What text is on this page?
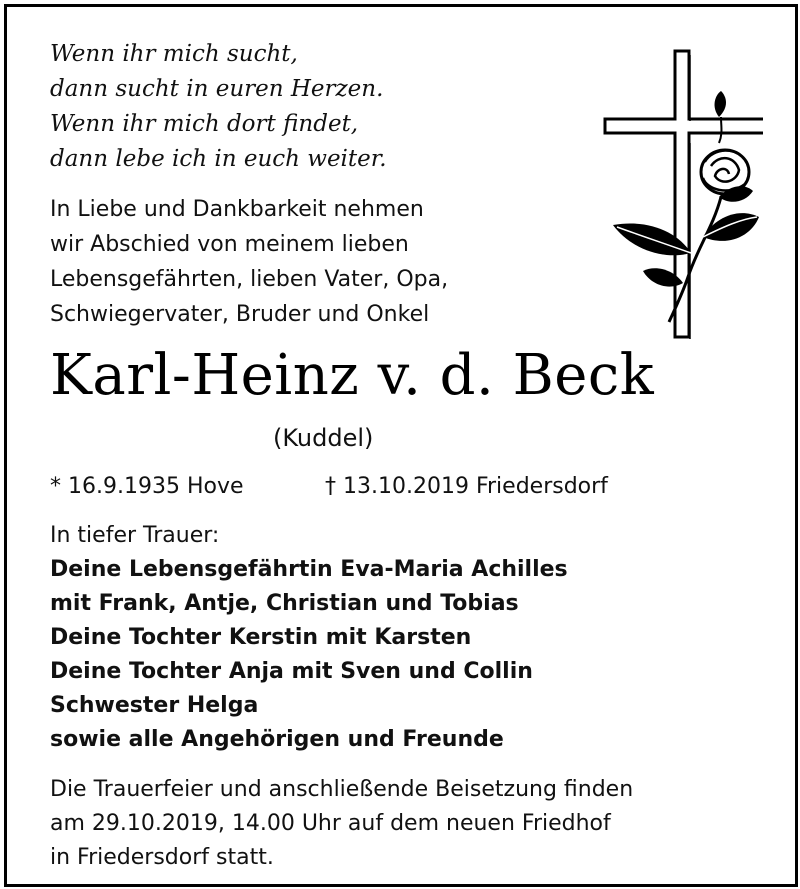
Wenn ihr mich sucht,
dann sucht in euren Herzen.
Wenn ihr mich dort findet,
dann lebe ich in euch weiter.
In Liebe und Dankbarkeit nehmen
wir Abschied von meinem lieben
Lebensgefährten, lieben Vater, Opa,
Schwiegervater, Bruder und Onkel
Karl-Heinz v. d. Beck
(Kuddel)
* 16.9.1935 Hove	† 13.10.2019 Friedersdorf
In tiefer Trauer:
Deine Lebensgefährtin Eva-Maria Achilles
mit Frank, Antje, Christian und Tobias
Deine Tochter Kerstin mit Karsten
Deine Tochter Anja mit Sven und Collin
Schwester Helga
sowie alle Angehörigen und Freunde
Die Trauerfeier und anschließende Beisetzung finden
am 29.10.2019, 14.00 Uhr auf dem neuen Friedhof
in Friedersdorf statt.
